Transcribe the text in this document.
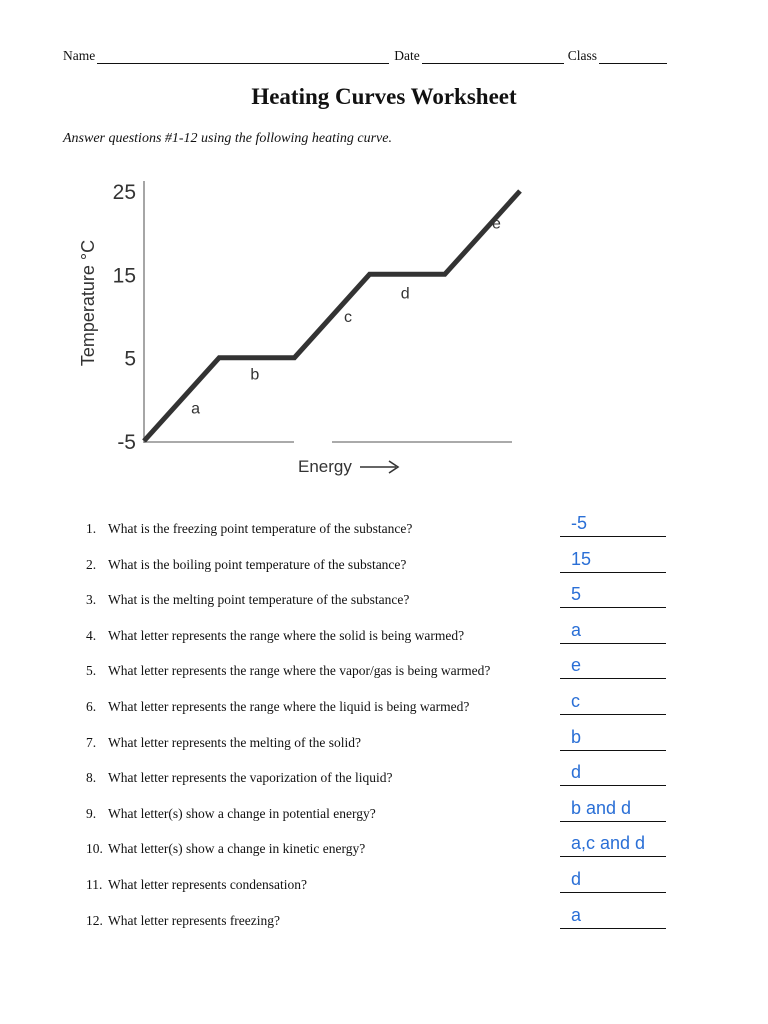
Name	Date	Class
Heating Curves Worksheet
Answer questions #1-12 using the following heating curve.
25
15
5
-5
Temperature °C
Energy
a
b
c
d
e
1. What is the freezing point temperature of the substance?	-5
2. What is the boiling point temperature of the substance?	15
3. What is the melting point temperature of the substance?	5
4. What letter represents the range where the solid is being warmed?	a
5. What letter represents the range where the vapor/gas is being warmed?	e
6. What letter represents the range where the liquid is being warmed?	c
7. What letter represents the melting of the solid?	b
8. What letter represents the vaporization of the liquid?	d
9. What letter(s) show a change in potential energy?	b and d
10. What letter(s) show a change in kinetic energy?	a,c and d
11. What letter represents condensation?	d
12. What letter represents freezing?	a
